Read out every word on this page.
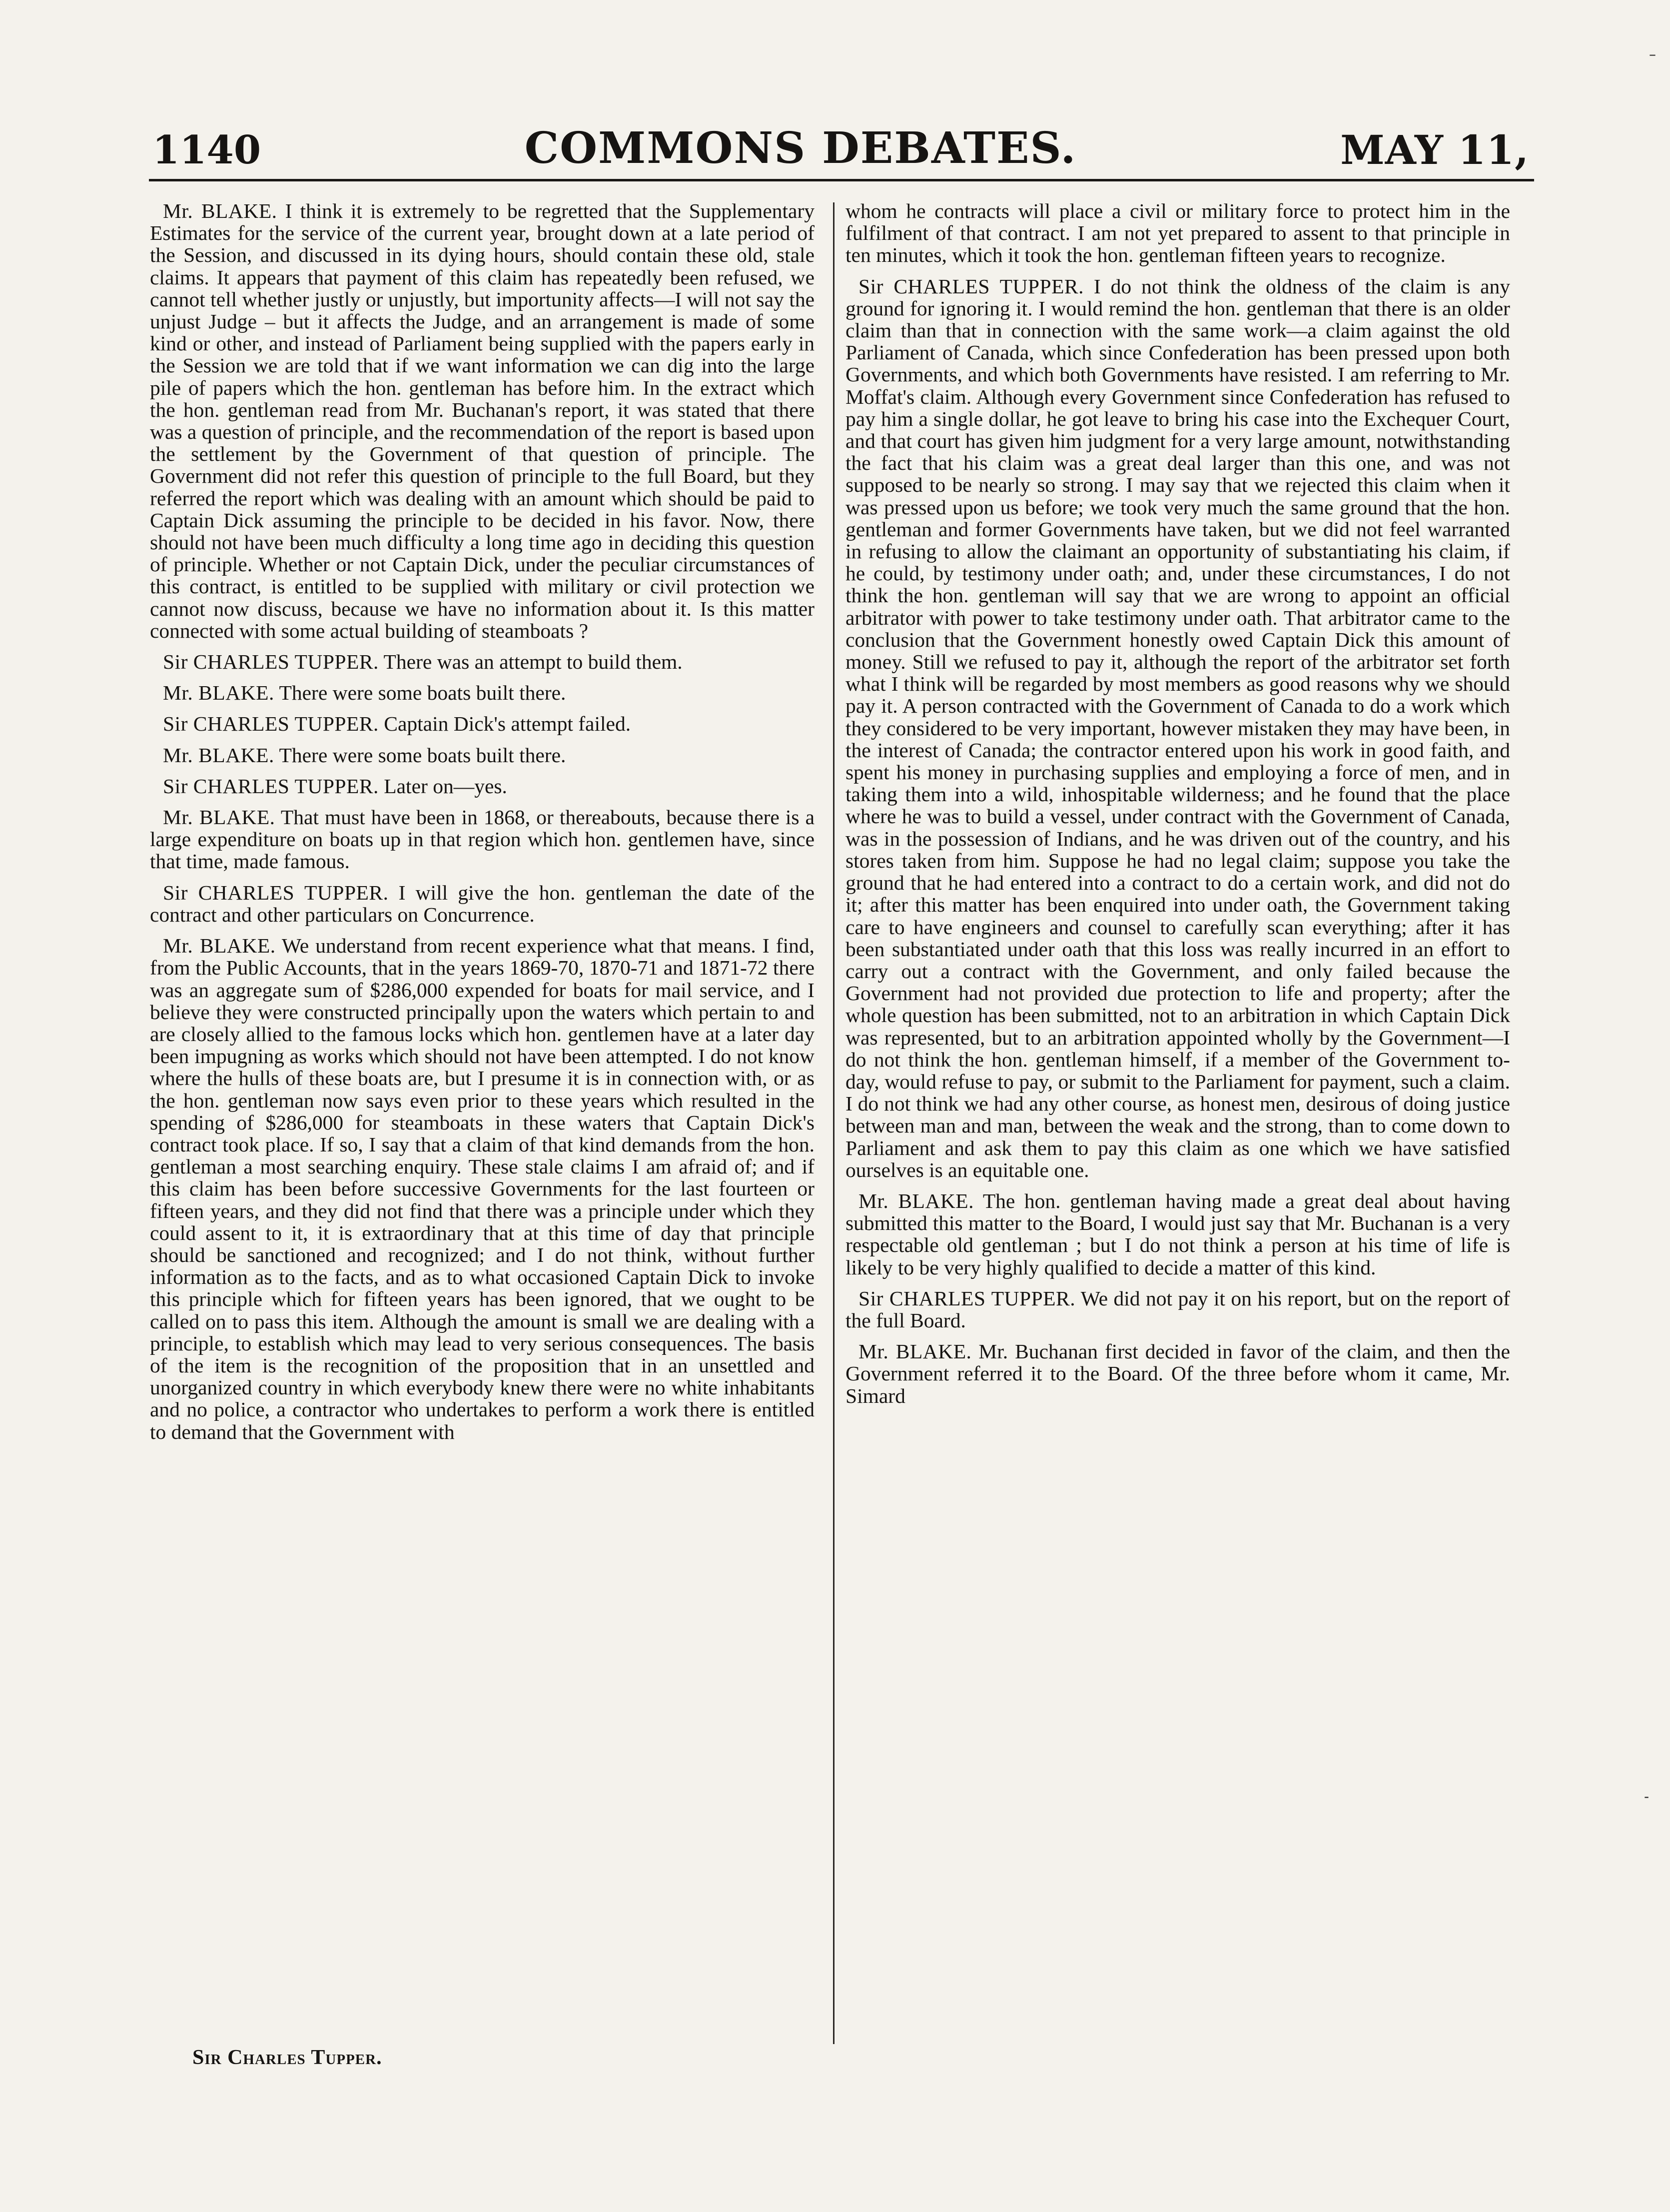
1140	COMMONS DEBATES.	MAY 11,

Mr. BLAKE. I think it is extremely to be regretted that the Supplementary Estimates for the service of the current year, brought down at a late period of the Session, and discussed in its dying hours, should contain these old, stale claims. It appears that payment of this claim has repeatedly been refused, we cannot tell whether justly or unjustly, but importunity affects—I will not say the unjust Judge – but it affects the Judge, and an arrangement is made of some kind or other, and instead of Parliament being supplied with the papers early in the Session we are told that if we want information we can dig into the large pile of papers which the hon. gentleman has before him. In the extract which the hon. gentleman read from Mr. Buchanan's report, it was stated that there was a question of principle, and the recommendation of the report is based upon the settlement by the Government of that question of principle. The Government did not refer this question of principle to the full Board, but they referred the report which was dealing with an amount which should be paid to Captain Dick assuming the principle to be decided in his favor. Now, there should not have been much difficulty a long time ago in deciding this question of principle. Whether or not Captain Dick, under the peculiar circumstances of this contract, is entitled to be supplied with military or civil protection we cannot now discuss, because we have no information about it. Is this matter connected with some actual building of steamboats ?

Sir CHARLES TUPPER. There was an attempt to build them.

Mr. BLAKE. There were some boats built there.

Sir CHARLES TUPPER. Captain Dick's attempt failed.

Mr. BLAKE. There were some boats built there.

Sir CHARLES TUPPER. Later on—yes.

Mr. BLAKE. That must have been in 1868, or thereabouts, because there is a large expenditure on boats up in that region which hon. gentlemen have, since that time, made famous.

Sir CHARLES TUPPER. I will give the hon. gentleman the date of the contract and other particulars on Concurrence.

Mr. BLAKE. We understand from recent experience what that means. I find, from the Public Accounts, that in the years 1869-70, 1870-71 and 1871-72 there was an aggregate sum of $286,000 expended for boats for mail service, and I believe they were constructed principally upon the waters which pertain to and are closely allied to the famous locks which hon. gentlemen have at a later day been impugning as works which should not have been attempted. I do not know where the hulls of these boats are, but I presume it is in connection with, or as the hon. gentleman now says even prior to these years which resulted in the spending of $286,000 for steamboats in these waters that Captain Dick's contract took place. If so, I say that a claim of that kind demands from the hon. gentleman a most searching enquiry. These stale claims I am afraid of; and if this claim has been before successive Governments for the last fourteen or fifteen years, and they did not find that there was a principle under which they could assent to it, it is extraordinary that at this time of day that principle should be sanctioned and recognized; and I do not think, without further information as to the facts, and as to what occasioned Captain Dick to invoke this principle which for fifteen years has been ignored, that we ought to be called on to pass this item. Although the amount is small we are dealing with a principle, to establish which may lead to very serious consequences. The basis of the item is the recognition of the proposition that in an unsettled and unorganized country in which everybody knew there were no white inhabitants and no police, a contractor who undertakes to perform a work there is entitled to demand that the Government with

whom he contracts will place a civil or military force to protect him in the fulfilment of that contract. I am not yet prepared to assent to that principle in ten minutes, which it took the hon. gentleman fifteen years to recognize.

Sir CHARLES TUPPER. I do not think the oldness of the claim is any ground for ignoring it. I would remind the hon. gentleman that there is an older claim than that in connection with the same work—a claim against the old Parliament of Canada, which since Confederation has been pressed upon both Governments, and which both Governments have resisted. I am referring to Mr. Moffat's claim. Although every Government since Confederation has refused to pay him a single dollar, he got leave to bring his case into the Exchequer Court, and that court has given him judgment for a very large amount, notwithstanding the fact that his claim was a great deal larger than this one, and was not supposed to be nearly so strong. I may say that we rejected this claim when it was pressed upon us before; we took very much the same ground that the hon. gentleman and former Governments have taken, but we did not feel warranted in refusing to allow the claimant an opportunity of substantiating his claim, if he could, by testimony under oath; and, under these circumstances, I do not think the hon. gentleman will say that we are wrong to appoint an official arbitrator with power to take testimony under oath. That arbitrator came to the conclusion that the Government honestly owed Captain Dick this amount of money. Still we refused to pay it, although the report of the arbitrator set forth what I think will be regarded by most members as good reasons why we should pay it. A person contracted with the Government of Canada to do a work which they considered to be very important, however mistaken they may have been, in the interest of Canada; the contractor entered upon his work in good faith, and spent his money in purchasing supplies and employing a force of men, and in taking them into a wild, inhospitable wilderness; and he found that the place where he was to build a vessel, under contract with the Government of Canada, was in the possession of Indians, and he was driven out of the country, and his stores taken from him. Suppose he had no legal claim; suppose you take the ground that he had entered into a contract to do a certain work, and did not do it; after this matter has been enquired into under oath, the Government taking care to have engineers and counsel to carefully scan everything; after it has been substantiated under oath that this loss was really incurred in an effort to carry out a contract with the Government, and only failed because the Government had not provided due protection to life and property; after the whole question has been submitted, not to an arbitration in which Captain Dick was represented, but to an arbitration appointed wholly by the Government—I do not think the hon. gentleman himself, if a member of the Government to-day, would refuse to pay, or submit to the Parliament for payment, such a claim. I do not think we had any other course, as honest men, desirous of doing justice between man and man, between the weak and the strong, than to come down to Parliament and ask them to pay this claim as one which we have satisfied ourselves is an equitable one.

Mr. BLAKE. The hon. gentleman having made a great deal about having submitted this matter to the Board, I would just say that Mr. Buchanan is a very respectable old gentleman ; but I do not think a person at his time of life is likely to be very highly qualified to decide a matter of this kind.

Sir CHARLES TUPPER. We did not pay it on his report, but on the report of the full Board.

Mr. BLAKE. Mr. Buchanan first decided in favor of the claim, and then the Government referred it to the Board. Of the three before whom it came, Mr. Simard

Sir Charles Tupper.
–
-
